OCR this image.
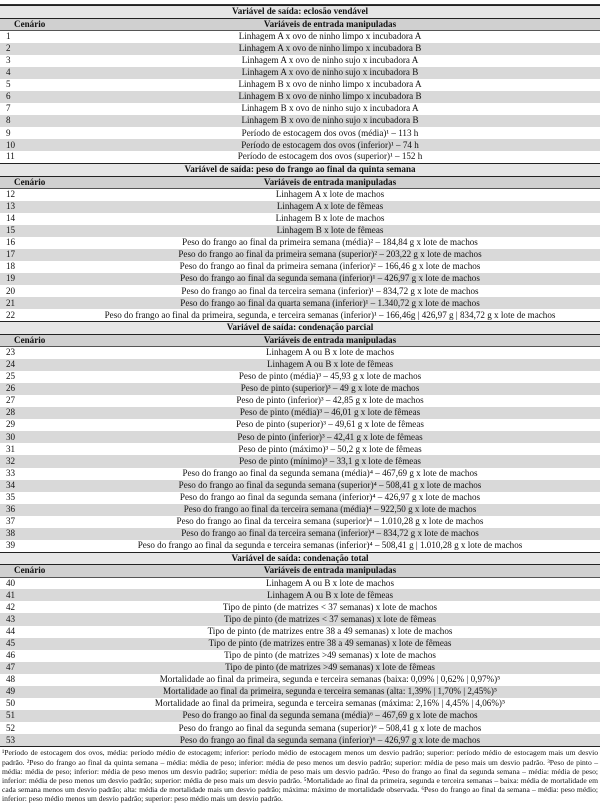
Variável de saída: eclosão vendável	
Cenário	Variáveis de entrada manipuladas
1	Linhagem A x ovo de ninho limpo x incubadora A
2	Linhagem A x ovo de ninho limpo x incubadora B
3	Linhagem A x ovo de ninho sujo x incubadora A
4	Linhagem A x ovo de ninho sujo x incubadora B
5	Linhagem B x ovo de ninho limpo x incubadora A
6	Linhagem B x ovo de ninho limpo x incubadora B
7	Linhagem B x ovo de ninho sujo x incubadora A
8	Linhagem B x ovo de ninho sujo x incubadora B
9	Período de estocagem dos ovos (média)¹ – 113 h
10	Período de estocagem dos ovos (inferior)¹ – 74 h
11	Período de estocagem dos ovos (superior)¹ – 152 h
Variável de saída: peso do frango ao final da quinta semana	
Cenário	Variáveis de entrada manipuladas
12	Linhagem A x lote de machos
13	Linhagem A x lote de fêmeas
14	Linhagem B x lote de machos
15	Linhagem B x lote de fêmeas
16	Peso do frango ao final da primeira semana (média)² – 184,84 g x lote de machos
17	Peso do frango ao final da primeira semana (superior)² – 203,22 g x lote de machos
18	Peso do frango ao final da primeira semana (inferior)² – 166,46 g x lote de machos
19	Peso do frango ao final da segunda semana (inferior)¹ – 426,97 g x lote de machos
20	Peso do frango ao final da terceira semana (inferior)¹ – 834,72 g x lote de machos
21	Peso do frango ao final da quarta semana (inferior)¹ – 1.340,72 g x lote de machos
22	Peso do frango ao final da primeira, segunda, e terceira semanas (inferior)¹ – 166,46g | 426,97 g | 834,72 g x lote de machos
Variável de saída: condenação parcial	
Cenário	Variáveis de entrada manipuladas
23	Linhagem A ou B x lote de machos
24	Linhagem A ou B x lote de fêmeas
25	Peso de pinto (média)³ – 45,93 g x lote de machos
26	Peso de pinto (superior)³ – 49 g x lote de machos
27	Peso de pinto (inferior)³ – 42,85 g x lote de machos
28	Peso de pinto (média)³ – 46,01 g x lote de fêmeas
29	Peso de pinto (superior)³ – 49,61 g x lote de fêmeas
30	Peso de pinto (inferior)³ – 42,41 g x lote de fêmeas
31	Peso de pinto (máximo)³ – 50,2 g x lote de fêmeas
32	Peso de pinto (mínimo)³ – 33,1 g x lote de fêmeas
33	Peso do frango ao final da segunda semana (média)⁴ – 467,69 g x lote de machos
34	Peso do frango ao final da segunda semana (superior)⁴ – 508,41 g x lote de machos
35	Peso do frango ao final da segunda semana (inferior)⁴ – 426,97 g x lote de machos
36	Peso do frango ao final da terceira semana (média)⁴ – 922,50 g x lote de machos
37	Peso do frango ao final da terceira semana (superior)⁴ – 1.010,28 g x lote de machos
38	Peso do frango ao final da terceira semana (inferior)⁴ – 834,72 g x lote de machos
39	Peso do frango ao final da segunda e terceira semanas (inferior)⁴ – 508,41 g | 1.010,28 g x lote de machos
Variável de saída: condenação total	
Cenário	Variáveis de entrada manipuladas
40	Linhagem A ou B x lote de machos
41	Linhagem A ou B x lote de fêmeas
42	Tipo de pinto (de matrizes < 37 semanas) x lote de machos
43	Tipo de pinto (de matrizes < 37 semanas) x lote de fêmeas
44	Tipo de pinto (de matrizes entre 38 a 49 semanas) x lote de machos
45	Tipo de pinto (de matrizes entre 38 a 49 semanas) x lote de fêmeas
46	Tipo de pinto (de matrizes >49 semanas) x lote de machos
47	Tipo de pinto (de matrizes >49 semanas) x lote de fêmeas
48	Mortalidade ao final da primeira, segunda e terceira semanas (baixa: 0,09% | 0,62% | 0,97%)⁵
49	Mortalidade ao final da primeira, segunda e terceira semanas (alta: 1,39% | 1,70% | 2,45%)⁵
50	Mortalidade ao final da primeira, segunda e terceira semanas (máxima: 2,16% | 4,45% | 4,06%)⁵
51	Peso do frango ao final da segunda semana (média)⁶ – 467,69 g x lote de machos
52	Peso do frango ao final da segunda semana (superior)⁶ – 508,41 g x lote de machos
53	Peso do frango ao final da segunda semana (inferior)⁶ – 426,97 g x lote de machos
¹Período de estocagem dos ovos, média: período médio de estocagem; inferior: período médio de estocagem menos um desvio padrão; superior: período médio de estocagem mais um desvio padrão. ²Peso do frango ao final da quinta semana – média: média de peso; inferior: média de peso menos um desvio padrão; superior: média de peso mais um desvio padrão. ³Peso de pinto – média: média de peso; inferior: média de peso menos um desvio padrão; superior: média de peso mais um desvio padrão. ⁴Peso do frango ao final da segunda semana – média: média de peso; inferior: média de peso menos um desvio padrão; superior: média de peso mais um desvio padrão. ⁵Mortalidade ao final da primeira, segunda e terceira semanas – baixa: média de mortalidade em cada semana menos um desvio padrão; alta: média de mortalidade mais um desvio padrão; máxima: máximo de mortalidade observada. ⁶Peso do frango ao final da semana – média: peso médio; inferior: peso médio menos um desvio padrão; superior: peso médio mais um desvio padrão.
